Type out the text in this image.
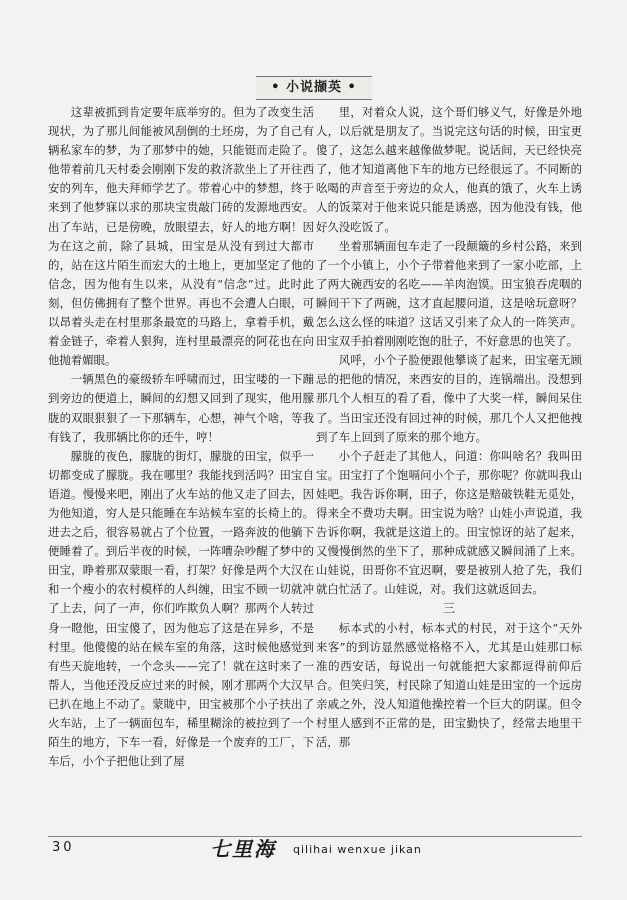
• 小说撷英 •

这辈被抓到肯定要年底举穷的。但为了改变生活现状，为了那儿间能被风刮倒的土坯房，为了自己有辆私家车的梦，为了那梦中的她，只能铤而走险了。他带着前几天村委会刚刚下发的救济款坐上了开往西安的列车，他夫拜师学艺了。带着心中的梦想，终于来到了他梦寐以求的那块宝贵敲门砖的发源地西安。出了车站，已是傍晚，放眼望去，好人的地方啊！因为在这之前，除了县城，田宝是从没有到过大都市的，站在这片陌生而宏大的土地上，更加坚定了他的信念，因为他有生以来，从没有“信念”过。此时此刻，但仿佛拥有了整个世界。再也不会遭人白眼，可以昂着头走在村里那条最宽的马路上，拿着手机，戴着金链子，牵着人狠狗，连村里最漂亮的阿花也在向他抛着媚眼。

一辆黑色的豪级轿车呼啸而过，田宝喽的一下蹦到旁边的便道上，瞬间的幻想又回到了现实，他用朦胧的双眼狠狠了一下那辆车，心想，神气个啥，等我有钱了，我那辆比你的还牛，哼！

朦胧的夜色，朦胧的街灯，朦胧的田宝，似乎一切都变成了朦胧。我在哪里？我能找到活吗？田宝自语道。慢慢来吧，刚出了火车站的他又走了回去，因为他知道，穷人是只能睡在车站候车室的长椅上的。进去之后，很容易就占了个位置，一路奔波的他躺下便睡着了。到后半夜的时候，一阵嘈杂吵醒了梦中的田宝，睁着那双蒙眼一看，打架？好像是两个大汉在和一个瘦小的农村模样的人纠缠，田宝不顾一切就冲了上去，问了一声，你们咋欺负人啊？那两个人转过身一瞪他，田宝傻了，因为他忘了这是在异乡，不是村里。他傻傻的站在候车室的角落，这时候他感觉到有些天旋地转，一个念头——完了！就在这时来了一帮人，当他还没反应过来的时候，刚才那两个大汉早已扒在地上不动了。蒙眬中，田宝被那个小子扶出了火车站，上了一辆面包车，稀里糊涂的被拉到了一个陌生的地方，下车一看，好像是一个废弃的工厂，下车后，小个子把他让到了屋

里，对着众人说，这个哥们够义气，好像是外地人，以后就是朋友了。当说完这句话的时候，田宝更傻了，这怎么越来越像做梦呢。说话间，天已经快亮了，他才知道离他下车的地方已经很远了。不同断的吆喝的声音至于旁边的众人，他真的饿了，火车上诱人的饭菜对于他来说只能是诱惑，因为他没有钱，他好久没吃饭了。

坐着那辆面包车走了一段颠簸的乡村公路，来到了一个小镇上，小个子带着他来到了一家小吃部，上了两大碗西安的名吃——羊肉泡馍。田宝狼吞虎咽的瞬间干下了两碗，这才直起腰问道，这是啥玩意呀？怎么这么怪的味道？这话又引来了众人的一阵笑声。田宝双手拍着刚刚吃饱的肚子，不好意思的也笑了。

风呼，小个子脸便跟他攀谈了起来，田宝毫无顾忌的把他的情况，来西安的目的，连锅端出。没想到那几个人相互的看了看，像中了大奖一样，瞬间呆住了。当田宝还没有回过神的时候，那几个人又把他拽到了车上回到了原来的那个地方。

小个子赶走了其他人，问道：你叫啥名？我叫田宝。田宝打了个饱嗝问小个子，那你呢？你就叫我山娃吧。我告诉你啊，田子，你这是赔破铁鞋无觅处，得来全不费功夫啊。田宝说为啥？山娃小声说道，我告诉你啊，我就是这道上的。田宝惊讶的站了起来，又慢慢倒然的坐下了，那种成就感又瞬间涌了上来。山娃说，田哥你不宜迟啊，要是被别人抢了先，我们就白忙活了。山娃说，对。我们这就返回去。

三

标本式的小村，标本式的村民，对于这个“天外来客”的到访显然感觉格格不入，尤其是山娃那口标准的西安话，每说出一句就能把大家都逗得前仰后合。但笑归笑，村民除了知道山娃是田宝的一个远房亲戚之外，没人知道他操控着一个巨大的阴谋。但令村里人感到不正常的是，田宝勤快了，经常去地里干活，那

30	七里海 qilihai wenxue jikan
